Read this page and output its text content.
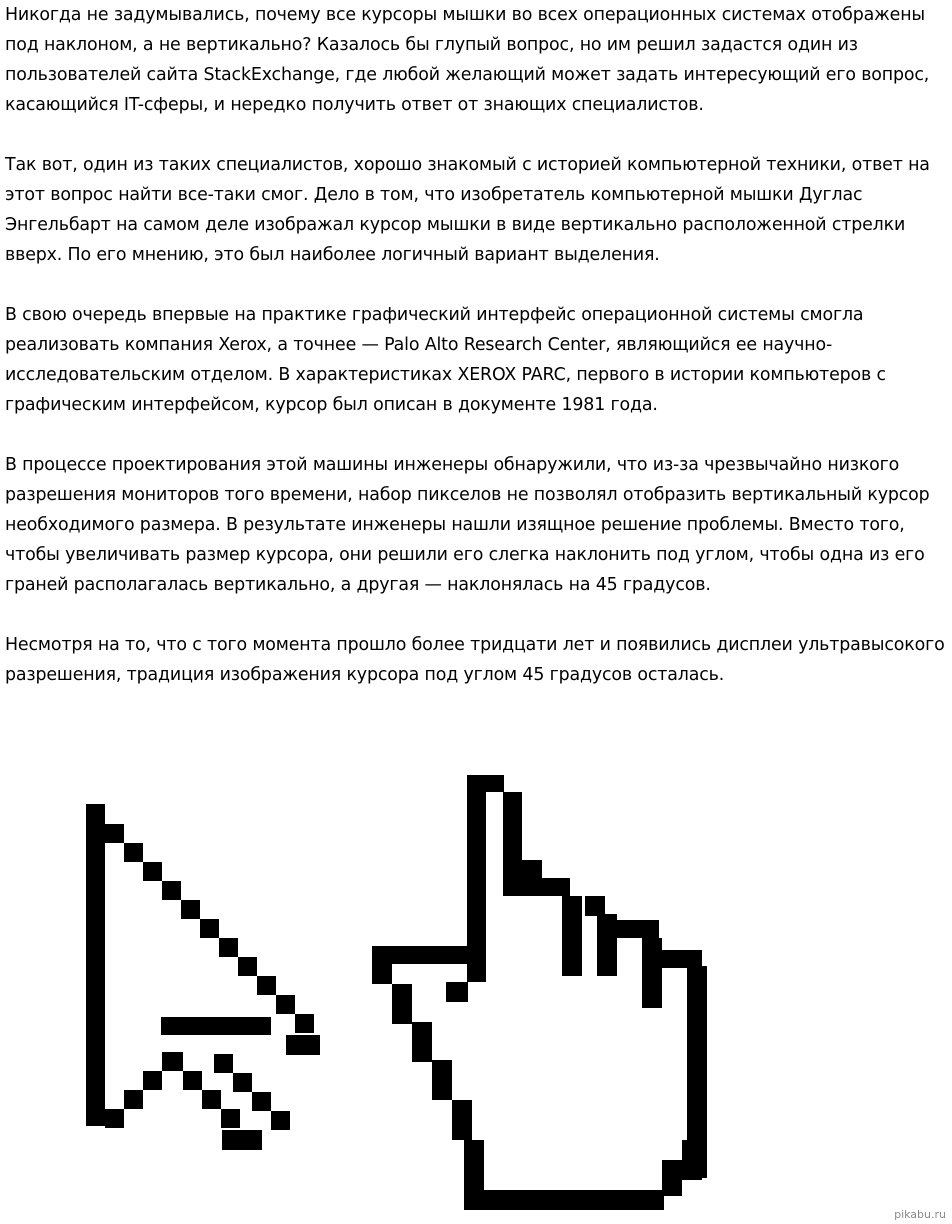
Никогда не задумывались, почему все курсоры мышки во всех операционных системах отображены под наклоном, а не вертикально? Казалось бы глупый вопрос, но им решил задастся один из пользователей сайта StackExchange, где любой желающий может задать интересующий его вопрос, касающийся IT-сферы, и нередко получить ответ от знающих специалистов.

Так вот, один из таких специалистов, хорошо знакомый с историей компьютерной техники, ответ на этот вопрос найти все-таки смог. Дело в том, что изобретатель компьютерной мышки Дуглас Энгельбарт на самом деле изображал курсор мышки в виде вертикально расположенной стрелки вверх. По его мнению, это был наиболее логичный вариант выделения.

В свою очередь впервые на практике графический интерфейс операционной системы смогла реализовать компания Xerox, а точнее — Palo Alto Research Center, являющийся ее научно-исследовательским отделом. В характеристиках XEROX PARC, первого в истории компьютеров с графическим интерфейсом, курсор был описан в документе 1981 года.

В процессе проектирования этой машины инженеры обнаружили, что из-за чрезвычайно низкого разрешения мониторов того времени, набор пикселов не позволял отобразить вертикальный курсор необходимого размера. В результате инженеры нашли изящное решение проблемы. Вместо того, чтобы увеличивать размер курсора, они решили его слегка наклонить под углом, чтобы одна из его граней располагалась вертикально, а другая — наклонялась на 45 градусов.

Несмотря на то, что с того момента прошло более тридцати лет и появились дисплеи ультравысокого разрешения, традиция изображения курсора под углом 45 градусов осталась.

pikabu.ru
